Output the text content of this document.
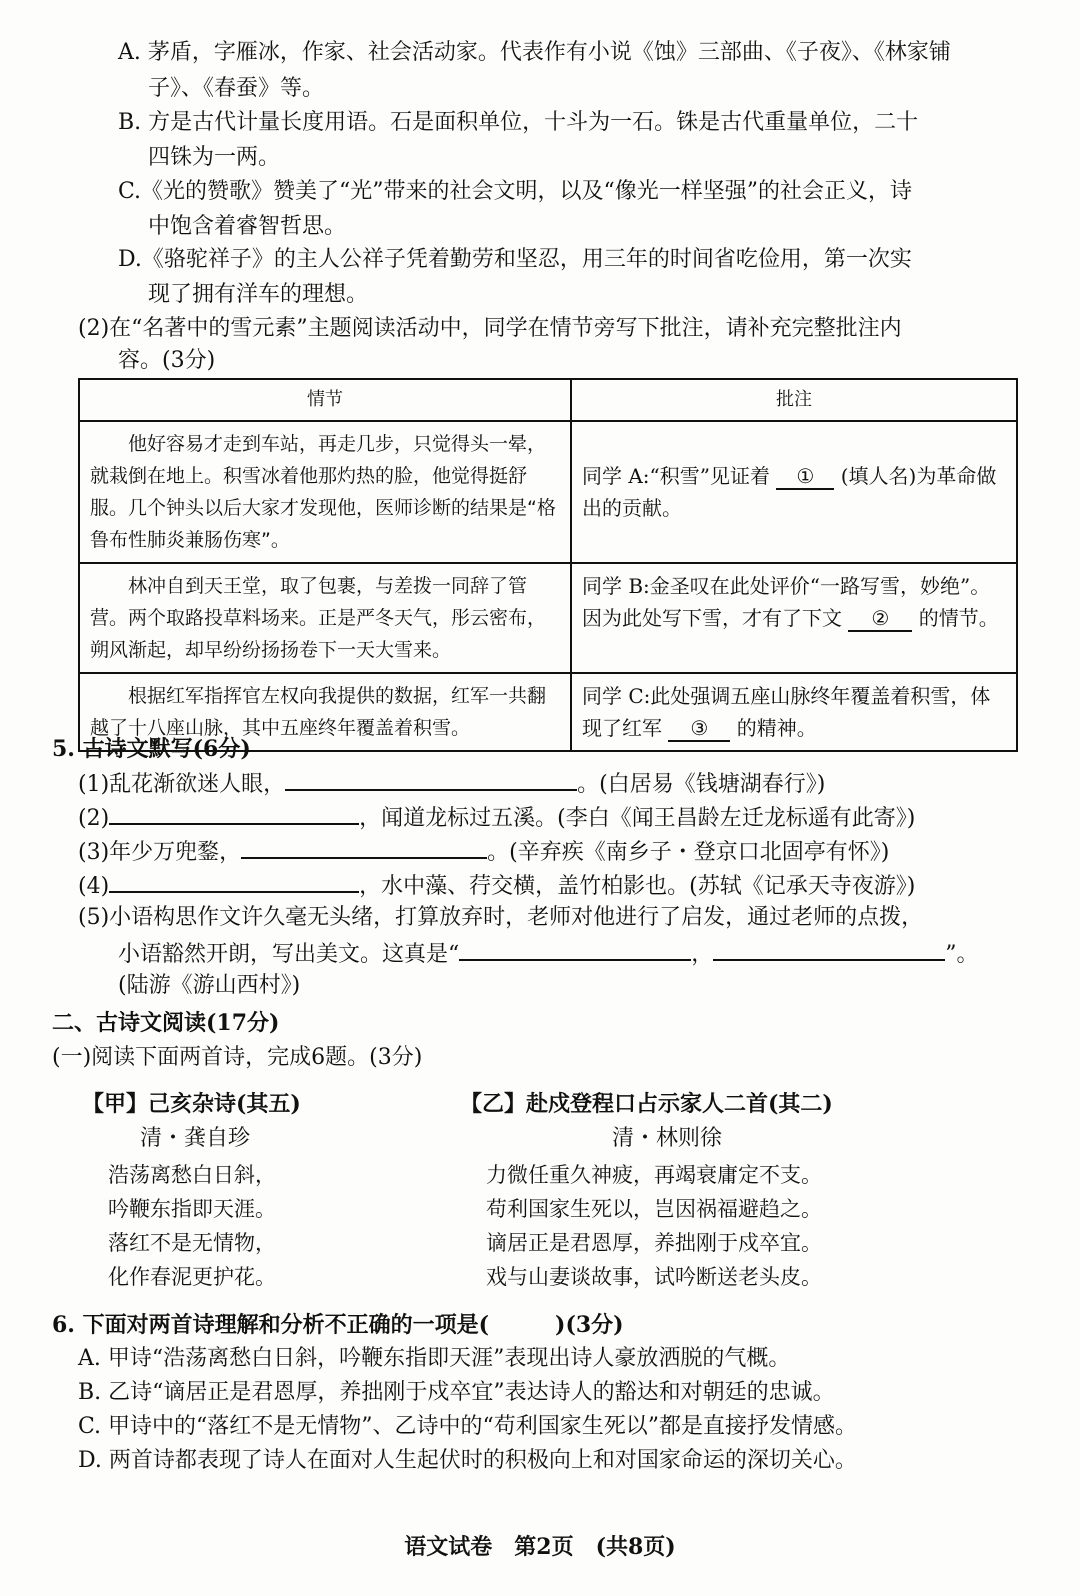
A. 茅盾，字雁冰，作家、社会活动家。代表作有小说《蚀》三部曲、《子夜》、《林家铺
子》、《春蚕》等。
B. 方是古代计量长度用语。石是面积单位，十斗为一石。铢是古代重量单位，二十
四铢为一两。
C.《光的赞歌》赞美了“光”带来的社会文明，以及“像光一样坚强”的社会正义，诗
中饱含着睿智哲思。
D.《骆驼祥子》的主人公祥子凭着勤劳和坚忍，用三年的时间省吃俭用，第一次实
现了拥有洋车的理想。
(2)在“名著中的雪元素”主题阅读活动中，同学在情节旁写下批注，请补充完整批注内
容。(3分)
情节	批注
他好容易才走到车站，再走几步，只觉得头一晕，就栽倒在地上。积雪冰着他那灼热的脸，他觉得挺舒服。几个钟头以后大家才发现他，医师诊断的结果是“格鲁布性肺炎兼肠伤寒”。	同学 A:“积雪”见证着 ① (填人名)为革命做出的贡献。
林冲自到天王堂，取了包裹，与差拨一同辞了管营。两个取路投草料场来。正是严冬天气，彤云密布，朔风渐起，却早纷纷扬扬卷下一天大雪来。	同学 B:金圣叹在此处评价“一路写雪，妙绝”。因为此处写下雪，才有了下文 ② 的情节。
根据红军指挥官左权向我提供的数据，红军一共翻越了十八座山脉，其中五座终年覆盖着积雪。	同学 C:此处强调五座山脉终年覆盖着积雪，体现了红军 ③ 的精神。
5. 古诗文默写(6分)
(1)乱花渐欲迷人眼，	。(白居易《钱塘湖春行》)
(2)	，闻道龙标过五溪。(李白《闻王昌龄左迁龙标遥有此寄》)
(3)年少万兜鍪，	。(辛弃疾《南乡子・登京口北固亭有怀》)
(4)	，水中藻、荇交横，盖竹柏影也。(苏轼《记承天寺夜游》)
(5)小语构思作文许久毫无头绪，打算放弃时，老师对他进行了启发，通过老师的点拨，
小语豁然开朗，写出美文。这真是“	，	”。
(陆游《游山西村》)
二、古诗文阅读(17分)
(一)阅读下面两首诗，完成6题。(3分)
【甲】己亥杂诗(其五)
清・龚自珍
浩荡离愁白日斜，
吟鞭东指即天涯。
落红不是无情物，
化作春泥更护花。
【乙】赴戍登程口占示家人二首(其二)
清・林则徐
力微任重久神疲，再竭衰庸定不支。
苟利国家生死以，岂因祸福避趋之。
谪居正是君恩厚，养拙刚于戍卒宜。
戏与山妻谈故事，试吟断送老头皮。
6. 下面对两首诗理解和分析不正确的一项是(　　　)(3分)
A. 甲诗“浩荡离愁白日斜，吟鞭东指即天涯”表现出诗人豪放洒脱的气概。
B. 乙诗“谪居正是君恩厚，养拙刚于戍卒宜”表达诗人的豁达和对朝廷的忠诚。
C. 甲诗中的“落红不是无情物”、乙诗中的“苟利国家生死以”都是直接抒发情感。
D. 两首诗都表现了诗人在面对人生起伏时的积极向上和对国家命运的深切关心。
语文试卷　第2页　(共8页)
